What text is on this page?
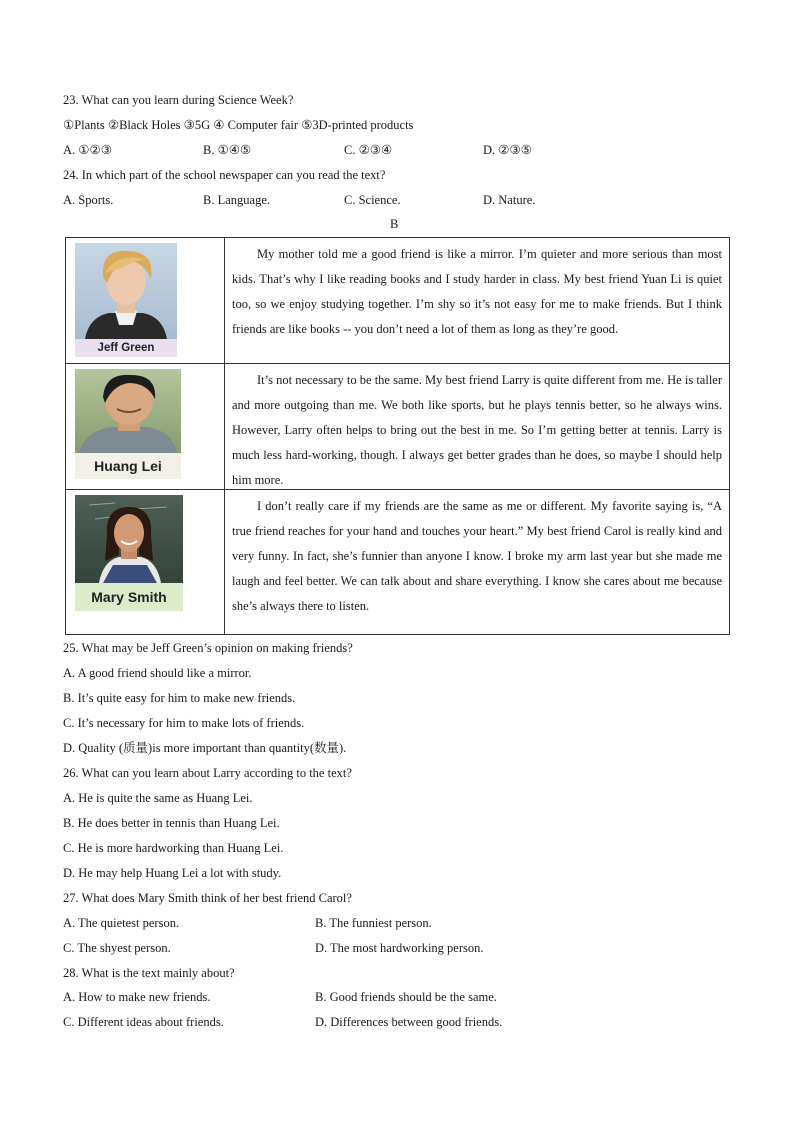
23. What can you learn during Science Week?
①Plants ②Black Holes ③5G ④ Computer fair ⑤3D-printed products
A. ①②③	B. ①④⑤	C. ②③④	D. ②③⑤
24. In which part of the school newspaper can you read the text?
A. Sports.	B. Language.	C. Science.	D. Nature.
B
Jeff Green	My mother told me a good friend is like a mirror. I’m quieter and more serious than most kids. That’s why I like reading books and I study harder in class. My best friend Yuan Li is quiet too, so we enjoy studying together. I’m shy so it’s not easy for me to make friends. But I think friends are like books -- you don’t need a lot of them as long as they’re good.

Huang Lei	It’s not necessary to be the same. My best friend Larry is quite different from me. He is taller and more outgoing than me. We both like sports, but he plays tennis better, so he always wins. However, Larry often helps to bring out the best in me. So I’m getting better at tennis. Larry is much less hard-working, though. I always get better grades than he does, so maybe I should help him more.

Mary Smith	I don’t really care if my friends are the same as me or different. My favorite saying is, “A true friend reaches for your hand and touches your heart.” My best friend Carol is really kind and very funny. In fact, she’s funnier than anyone I know. I broke my arm last year but she made me laugh and feel better. We can talk about and share everything. I know she cares about me because she’s always there to listen.

25. What may be Jeff Green’s opinion on making friends?
A. A good friend should like a mirror.
B. It’s quite easy for him to make new friends.
C. It’s necessary for him to make lots of friends.
D. Quality (质量)is more important than quantity(数量).
26. What can you learn about Larry according to the text?
A. He is quite the same as Huang Lei.
B. He does better in tennis than Huang Lei.
C. He is more hardworking than Huang Lei.
D. He may help Huang Lei a lot with study.
27. What does Mary Smith think of her best friend Carol?
A. The quietest person.	B. The funniest person.
C. The shyest person.	D. The most hardworking person.
28. What is the text mainly about?
A. How to make new friends.	B. Good friends should be the same.
C. Different ideas about friends.	D. Differences between good friends.
